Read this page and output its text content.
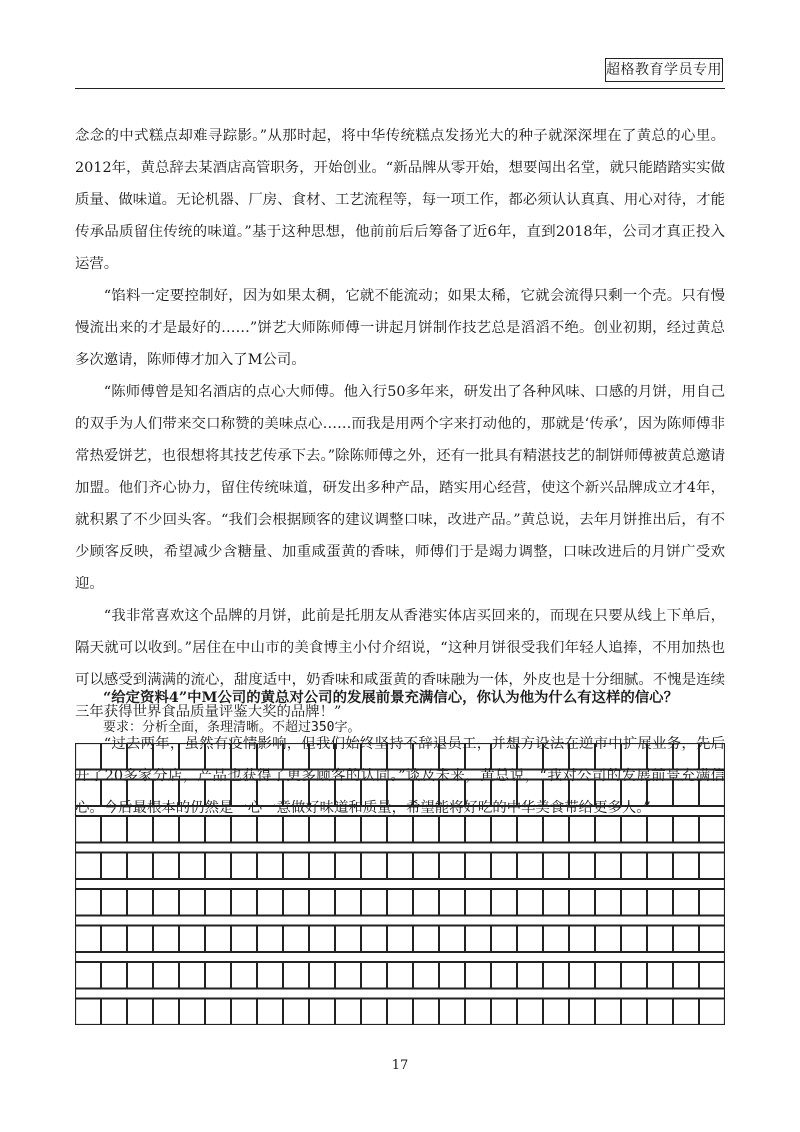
超格教育学员专用

念念的中式糕点却难寻踪影。”从那时起，将中华传统糕点发扬光大的种子就深深埋在了黄总的心里。2012年，黄总辞去某酒店高管职务，开始创业。“新品牌从零开始，想要闯出名堂，就只能踏踏实实做质量、做味道。无论机器、厂房、食材、工艺流程等，每一项工作，都必须认认真真、用心对待，才能传承品质留住传统的味道。”基于这种思想，他前前后后筹备了近6年，直到2018年，公司才真正投入运营。

“馅料一定要控制好，因为如果太稠，它就不能流动；如果太稀，它就会流得只剩一个壳。只有慢慢流出来的才是最好的……”饼艺大师陈师傅一讲起月饼制作技艺总是滔滔不绝。创业初期，经过黄总多次邀请，陈师傅才加入了M公司。

“陈师傅曾是知名酒店的点心大师傅。他入行50多年来，研发出了各种风味、口感的月饼，用自己的双手为人们带来交口称赞的美味点心……而我是用两个字来打动他的，那就是‘传承’，因为陈师傅非常热爱饼艺，也很想将其技艺传承下去。”除陈师傅之外，还有一批具有精湛技艺的制饼师傅被黄总邀请加盟。他们齐心协力，留住传统味道，研发出多种产品，踏实用心经营，使这个新兴品牌成立才4年，就积累了不少回头客。“我们会根据顾客的建议调整口味，改进产品。”黄总说，去年月饼推出后，有不少顾客反映，希望减少含糖量、加重咸蛋黄的香味，师傅们于是竭力调整，口味改进后的月饼广受欢迎。

“我非常喜欢这个品牌的月饼，此前是托朋友从香港实体店买回来的，而现在只要从线上下单后，隔天就可以收到。”居住在中山市的美食博主小付介绍说，“这种月饼很受我们年轻人追捧，不用加热也可以感受到满满的流心，甜度适中，奶香味和咸蛋黄的香味融为一体，外皮也是十分细腻。不愧是连续三年获得世界食品质量评鉴大奖的品牌！”

“过去两年，虽然有疫情影响，但我们始终坚持不辞退员工，并想方设法在逆市中扩展业务，先后开了20多家分店，产品也获得了更多顾客的认同。”谈及未来，黄总说，“我对公司的发展前景充满信心。今后最根本的仍然是一心一意做好味道和质量，希望能将好吃的中华美食带给更多人。”

“给定资料4”中M公司的黄总对公司的发展前景充满信心，你认为他为什么有这样的信心？
要求：分析全面，条理清晰。不超过350字。
17
